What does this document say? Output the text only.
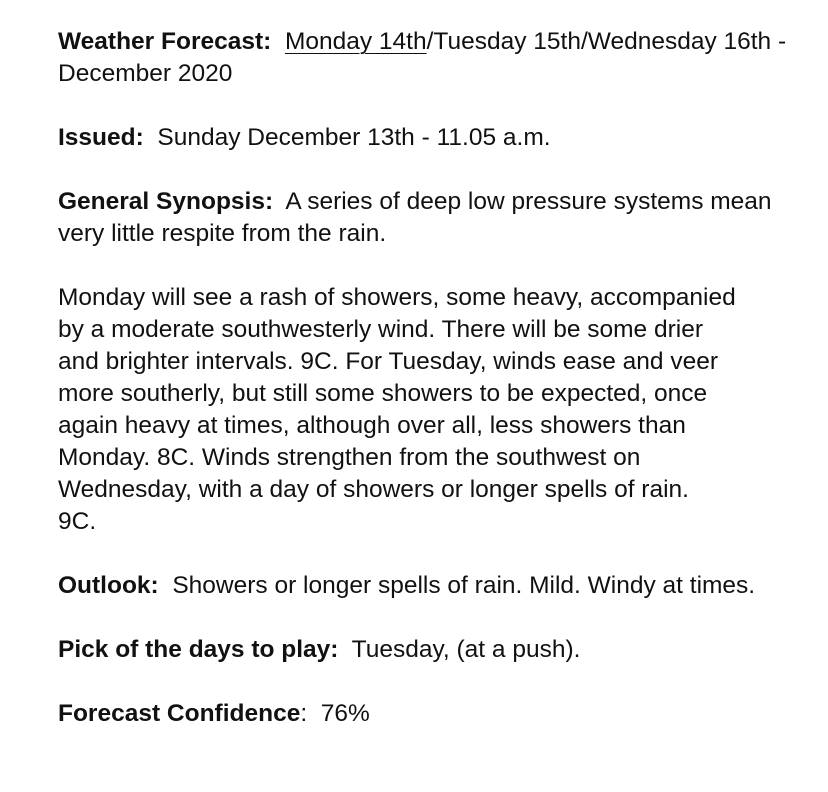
Weather Forecast: Monday 14th/Tuesday 15th/Wednesday 16th - December 2020

Issued: Sunday December 13th - 11.05 a.m.

General Synopsis: A series of deep low pressure systems mean very little respite from the rain.

Monday will see a rash of showers, some heavy, accompanied
by a moderate southwesterly wind. There will be some drier
and brighter intervals. 9C. For Tuesday, winds ease and veer
more southerly, but still some showers to be expected, once
again heavy at times, although over all, less showers than
Monday. 8C. Winds strengthen from the southwest on
Wednesday, with a day of showers or longer spells of rain.
9C.

Outlook: Showers or longer spells of rain. Mild. Windy at times.

Pick of the days to play: Tuesday, (at a push).

Forecast Confidence: 76%
